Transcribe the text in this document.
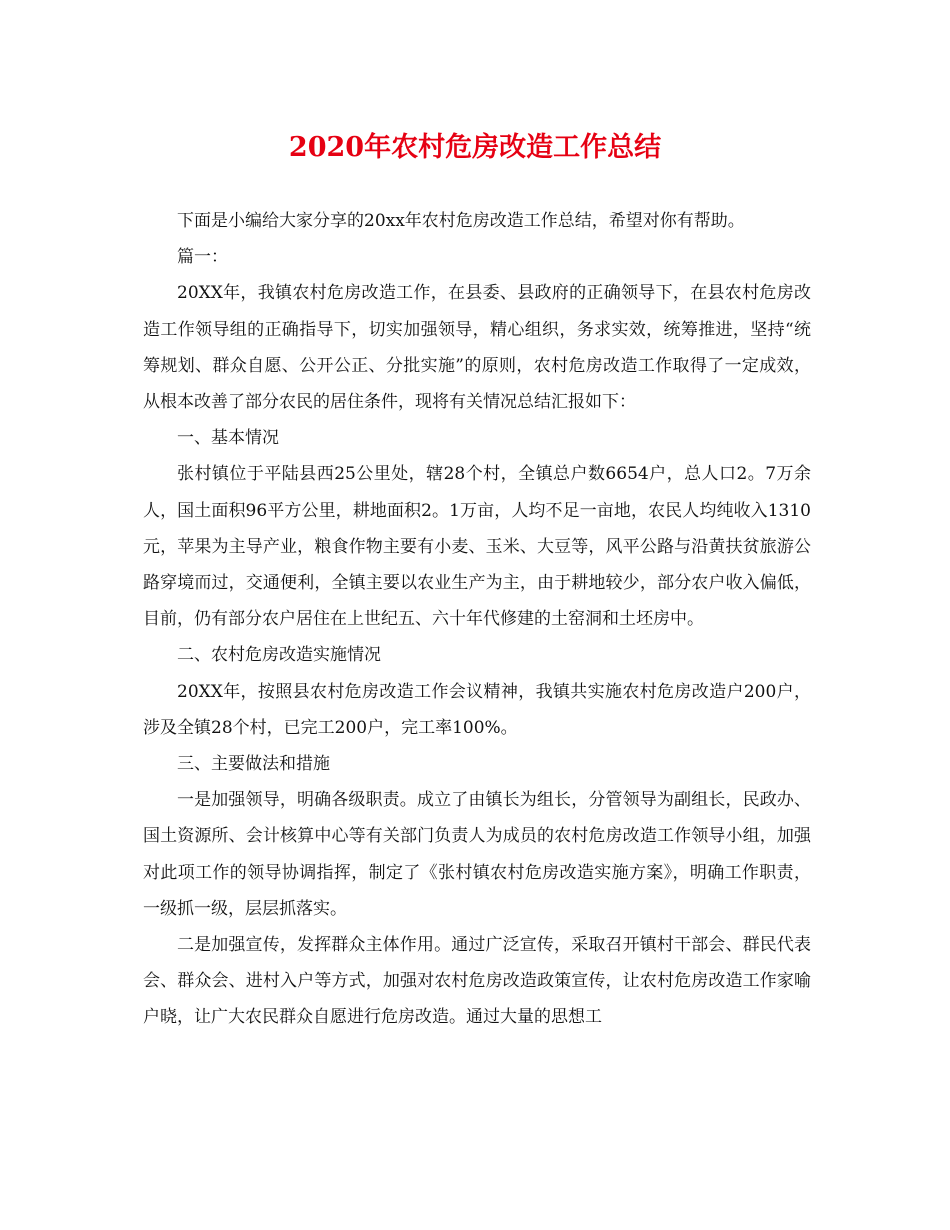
2020年农村危房改造工作总结

下面是小编给大家分享的20xx年农村危房改造工作总结，希望对你有帮助。

篇一：

20XX年，我镇农村危房改造工作，在县委、县政府的正确领导下，在县农村危房改造工作领导组的正确指导下，切实加强领导，精心组织，务求实效，统筹推进，坚持“统筹规划、群众自愿、公开公正、分批实施”的原则，农村危房改造工作取得了一定成效，从根本改善了部分农民的居住条件，现将有关情况总结汇报如下：

一、基本情况

张村镇位于平陆县西25公里处，辖28个村，全镇总户数6654户，总人口2。7万余人，国土面积96平方公里，耕地面积2。1万亩，人均不足一亩地，农民人均纯收入1310元，苹果为主导产业，粮食作物主要有小麦、玉米、大豆等，风平公路与沿黄扶贫旅游公路穿境而过，交通便利，全镇主要以农业生产为主，由于耕地较少，部分农户收入偏低，目前，仍有部分农户居住在上世纪五、六十年代修建的土窑洞和土坯房中。

二、农村危房改造实施情况

20XX年，按照县农村危房改造工作会议精神，我镇共实施农村危房改造户200户，涉及全镇28个村，已完工200户，完工率100%。

三、主要做法和措施

一是加强领导，明确各级职责。成立了由镇长为组长，分管领导为副组长，民政办、国土资源所、会计核算中心等有关部门负责人为成员的农村危房改造工作领导小组，加强对此项工作的领导协调指挥，制定了《张村镇农村危房改造实施方案》，明确工作职责，一级抓一级，层层抓落实。

二是加强宣传，发挥群众主体作用。通过广泛宣传，采取召开镇村干部会、群民代表会、群众会、进村入户等方式，加强对农村危房改造政策宣传，让农村危房改造工作家喻户晓，让广大农民群众自愿进行危房改造。通过大量的思想工
